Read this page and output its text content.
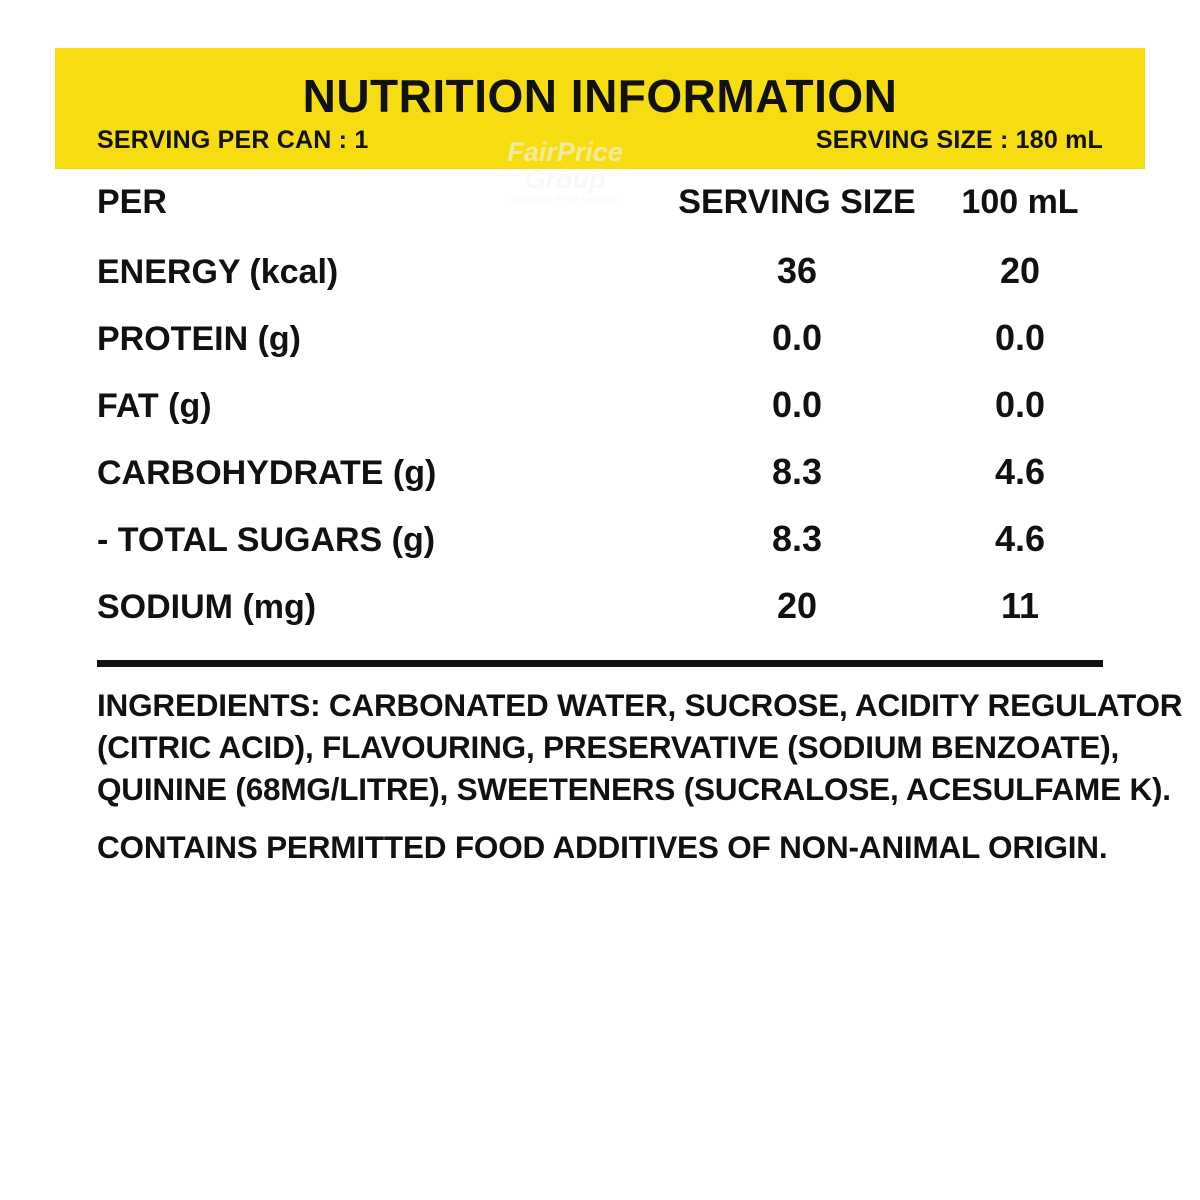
NUTRITION INFORMATION
SERVING PER CAN : 1	SERVING SIZE : 180 mL
FairPrice
Group
Nourishing Every Aspiration
PER	SERVING SIZE	100 mL
ENERGY (kcal)	36	20
PROTEIN (g)	0.0	0.0
FAT (g)	0.0	0.0
CARBOHYDRATE (g)	8.3	4.6
- TOTAL SUGARS (g)	8.3	4.6
SODIUM (mg)	20	11
INGREDIENTS: CARBONATED WATER, SUCROSE, ACIDITY REGULATOR
(CITRIC ACID), FLAVOURING, PRESERVATIVE (SODIUM BENZOATE),
QUININE (68MG/LITRE), SWEETENERS (SUCRALOSE, ACESULFAME K).
CONTAINS PERMITTED FOOD ADDITIVES OF NON-ANIMAL ORIGIN.
